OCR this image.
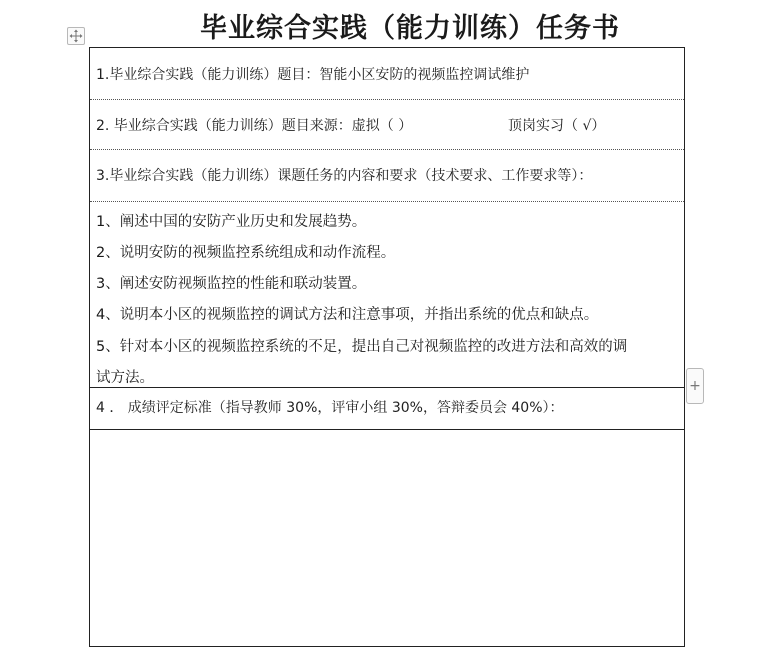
毕业综合实践（能力训练）任务书
1.毕业综合实践（能力训练）题目：智能小区安防的视频监控调试维护
2. 毕业综合实践（能力训练）题目来源：虚拟（ ）	顶岗实习（ √）
3.毕业综合实践（能力训练）课题任务的内容和要求（技术要求、工作要求等）：
1、阐述中国的安防产业历史和发展趋势。
2、说明安防的视频监控系统组成和动作流程。
3、阐述安防视频监控的性能和联动装置。
4、说明本小区的视频监控的调试方法和注意事项，并指出系统的优点和缺点。
5、针对本小区的视频监控系统的不足，提出自己对视频监控的改进方法和高效的调
试方法。
4 ． 成绩评定标准（指导教师 30%，评审小组 30%，答辩委员会 40%）：
+
